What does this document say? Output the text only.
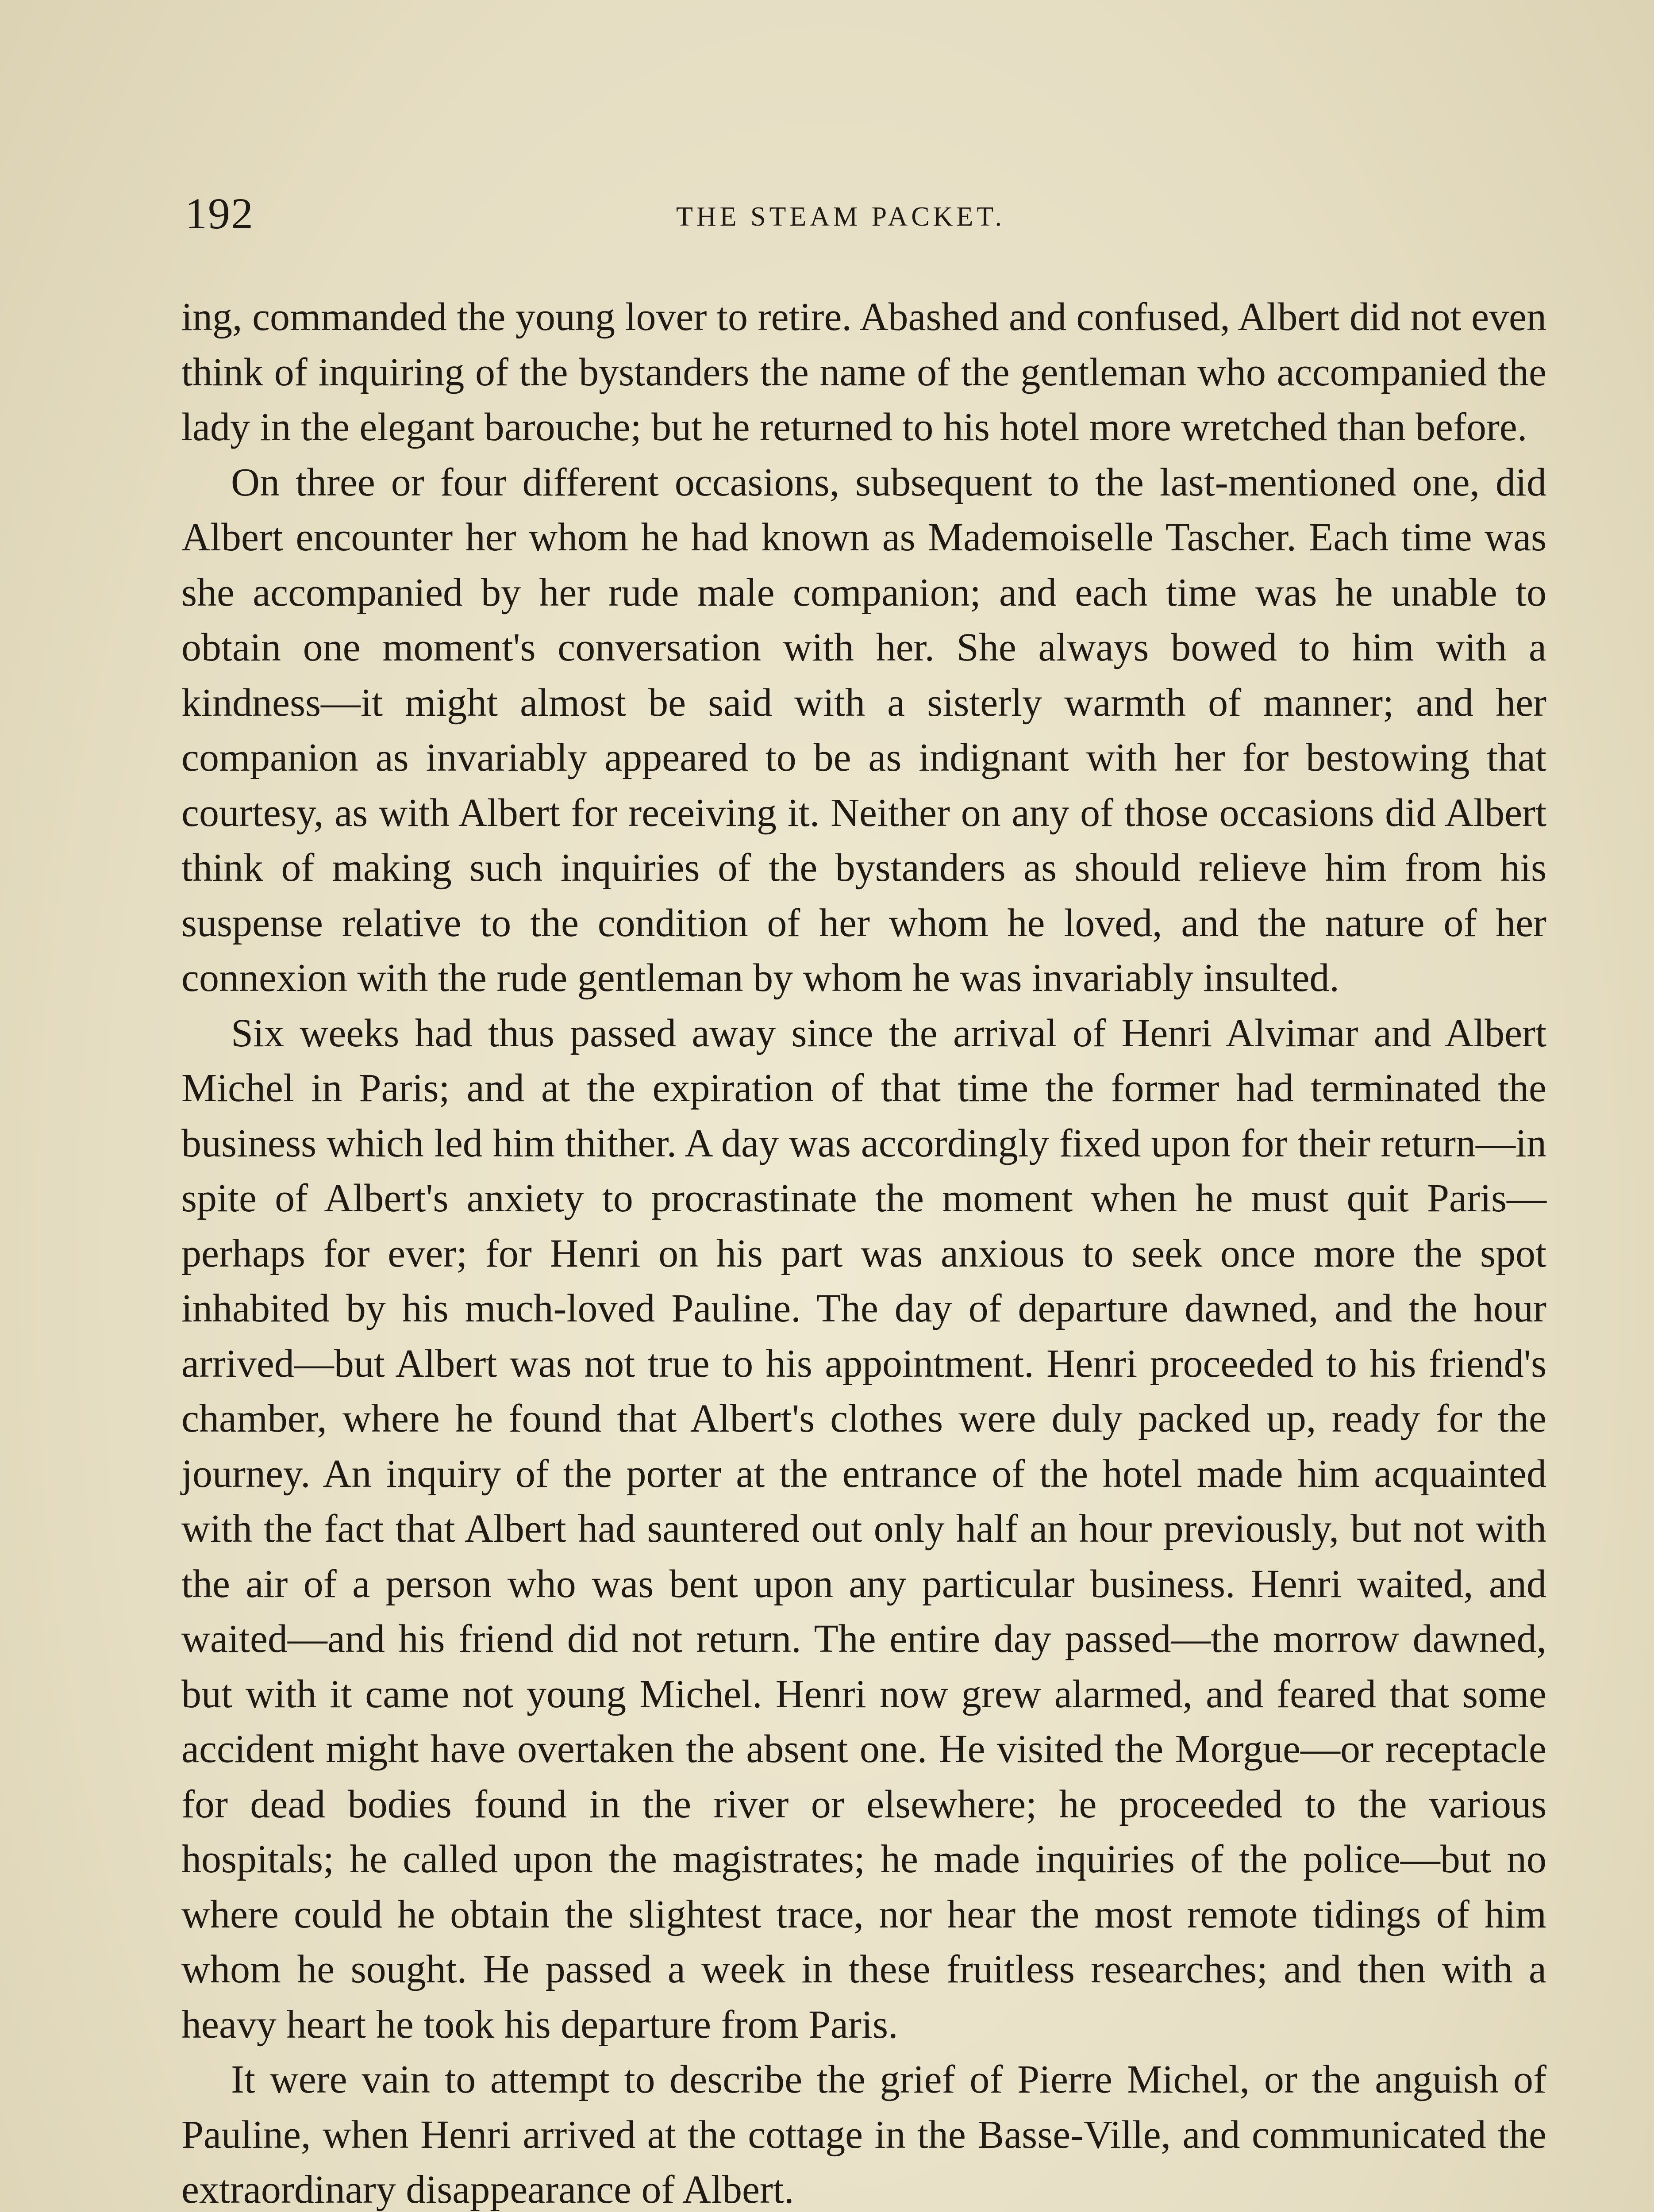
192	THE STEAM PACKET.

ing, commanded the young lover to retire. Abashed and confused, Albert did not even think of inquiring of the bystanders the name of the gentleman who accompanied the lady in the elegant barouche; but he returned to his hotel more wretched than before.

On three or four different occasions, subsequent to the last-mentioned one, did Albert encounter her whom he had known as Mademoiselle Tascher. Each time was she accompanied by her rude male companion; and each time was he unable to obtain one moment's conversation with her. She always bowed to him with a kindness—it might almost be said with a sisterly warmth of manner; and her companion as invariably appeared to be as indignant with her for bestowing that courtesy, as with Albert for receiving it. Neither on any of those occasions did Albert think of making such inquiries of the bystanders as should relieve him from his suspense relative to the condition of her whom he loved, and the nature of her connexion with the rude gentleman by whom he was invariably insulted.

Six weeks had thus passed away since the arrival of Henri Alvimar and Albert Michel in Paris; and at the expiration of that time the former had terminated the business which led him thither. A day was accordingly fixed upon for their return—in spite of Albert's anxiety to procrastinate the moment when he must quit Paris—perhaps for ever; for Henri on his part was anxious to seek once more the spot inhabited by his much-loved Pauline. The day of departure dawned, and the hour arrived—but Albert was not true to his appointment. Henri proceeded to his friend's chamber, where he found that Albert's clothes were duly packed up, ready for the journey. An inquiry of the porter at the entrance of the hotel made him acquainted with the fact that Albert had sauntered out only half an hour previously, but not with the air of a person who was bent upon any particular business. Henri waited, and waited—and his friend did not return. The entire day passed—the morrow dawned, but with it came not young Michel. Henri now grew alarmed, and feared that some accident might have overtaken the absent one. He visited the Morgue—or receptacle for dead bodies found in the river or elsewhere; he proceeded to the various hospitals; he called upon the magistrates; he made inquiries of the police—but no where could he obtain the slightest trace, nor hear the most remote tidings of him whom he sought. He passed a week in these fruitless researches; and then with a heavy heart he took his departure from Paris.

It were vain to attempt to describe the grief of Pierre Michel, or the anguish of Pauline, when Henri arrived at the cottage in the Basse-Ville, and communicated the extraordinary disappearance of Albert.
